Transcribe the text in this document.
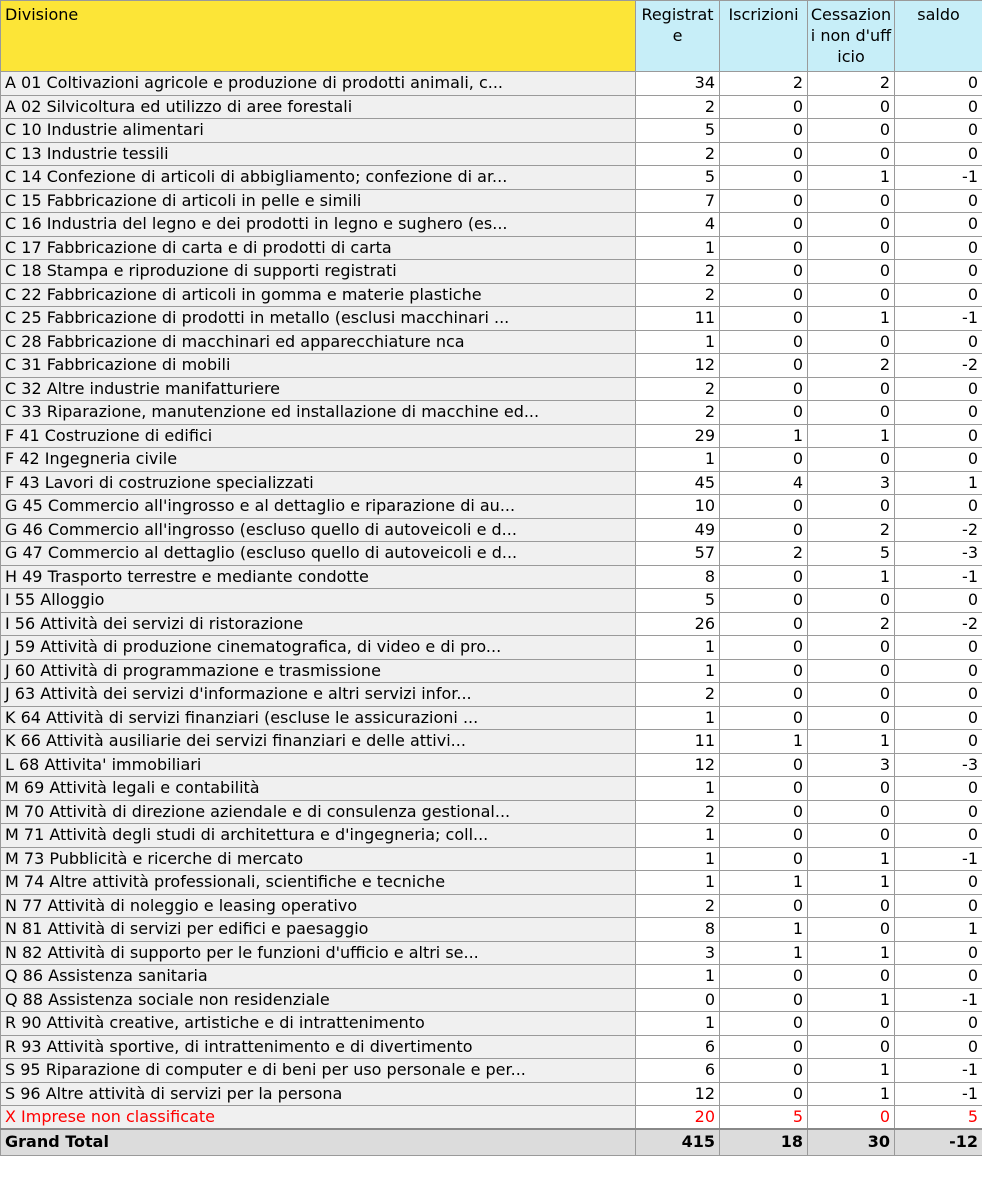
Divisione	Registrate	Iscrizioni	Cessazioni non d'ufficio	saldo
A 01 Coltivazioni agricole e produzione di prodotti animali, c...	34	2	2	0
A 02 Silvicoltura ed utilizzo di aree forestali	2	0	0	0
C 10 Industrie alimentari	5	0	0	0
C 13 Industrie tessili	2	0	0	0
C 14 Confezione di articoli di abbigliamento; confezione di ar...	5	0	1	-1
C 15 Fabbricazione di articoli in pelle e simili	7	0	0	0
C 16 Industria del legno e dei prodotti in legno e sughero (es...	4	0	0	0
C 17 Fabbricazione di carta e di prodotti di carta	1	0	0	0
C 18 Stampa e riproduzione di supporti registrati	2	0	0	0
C 22 Fabbricazione di articoli in gomma e materie plastiche	2	0	0	0
C 25 Fabbricazione di prodotti in metallo (esclusi macchinari ...	11	0	1	-1
C 28 Fabbricazione di macchinari ed apparecchiature nca	1	0	0	0
C 31 Fabbricazione di mobili	12	0	2	-2
C 32 Altre industrie manifatturiere	2	0	0	0
C 33 Riparazione, manutenzione ed installazione di macchine ed...	2	0	0	0
F 41 Costruzione di edifici	29	1	1	0
F 42 Ingegneria civile	1	0	0	0
F 43 Lavori di costruzione specializzati	45	4	3	1
G 45 Commercio all'ingrosso e al dettaglio e riparazione di au...	10	0	0	0
G 46 Commercio all'ingrosso (escluso quello di autoveicoli e d...	49	0	2	-2
G 47 Commercio al dettaglio (escluso quello di autoveicoli e d...	57	2	5	-3
H 49 Trasporto terrestre e mediante condotte	8	0	1	-1
I 55 Alloggio	5	0	0	0
I 56 Attività dei servizi di ristorazione	26	0	2	-2
J 59 Attività di produzione cinematografica, di video e di pro...	1	0	0	0
J 60 Attività di programmazione e trasmissione	1	0	0	0
J 63 Attività dei servizi d'informazione e altri servizi infor...	2	0	0	0
K 64 Attività di servizi finanziari (escluse le assicurazioni ...	1	0	0	0
K 66 Attività ausiliarie dei servizi finanziari e delle attivi...	11	1	1	0
L 68 Attivita' immobiliari	12	0	3	-3
M 69 Attività legali e contabilità	1	0	0	0
M 70 Attività di direzione aziendale e di consulenza gestional...	2	0	0	0
M 71 Attività degli studi di architettura e d'ingegneria; coll...	1	0	0	0
M 73 Pubblicità e ricerche di mercato	1	0	1	-1
M 74 Altre attività professionali, scientifiche e tecniche	1	1	1	0
N 77 Attività di noleggio e leasing operativo	2	0	0	0
N 81 Attività di servizi per edifici e paesaggio	8	1	0	1
N 82 Attività di supporto per le funzioni d'ufficio e altri se...	3	1	1	0
Q 86 Assistenza sanitaria	1	0	0	0
Q 88 Assistenza sociale non residenziale	0	0	1	-1
R 90 Attività creative, artistiche e di intrattenimento	1	0	0	0
R 93 Attività sportive, di intrattenimento e di divertimento	6	0	0	0
S 95 Riparazione di computer e di beni per uso personale e per...	6	0	1	-1
S 96 Altre attività di servizi per la persona	12	0	1	-1
X Imprese non classificate	20	5	0	5
Grand Total	415	18	30	-12
